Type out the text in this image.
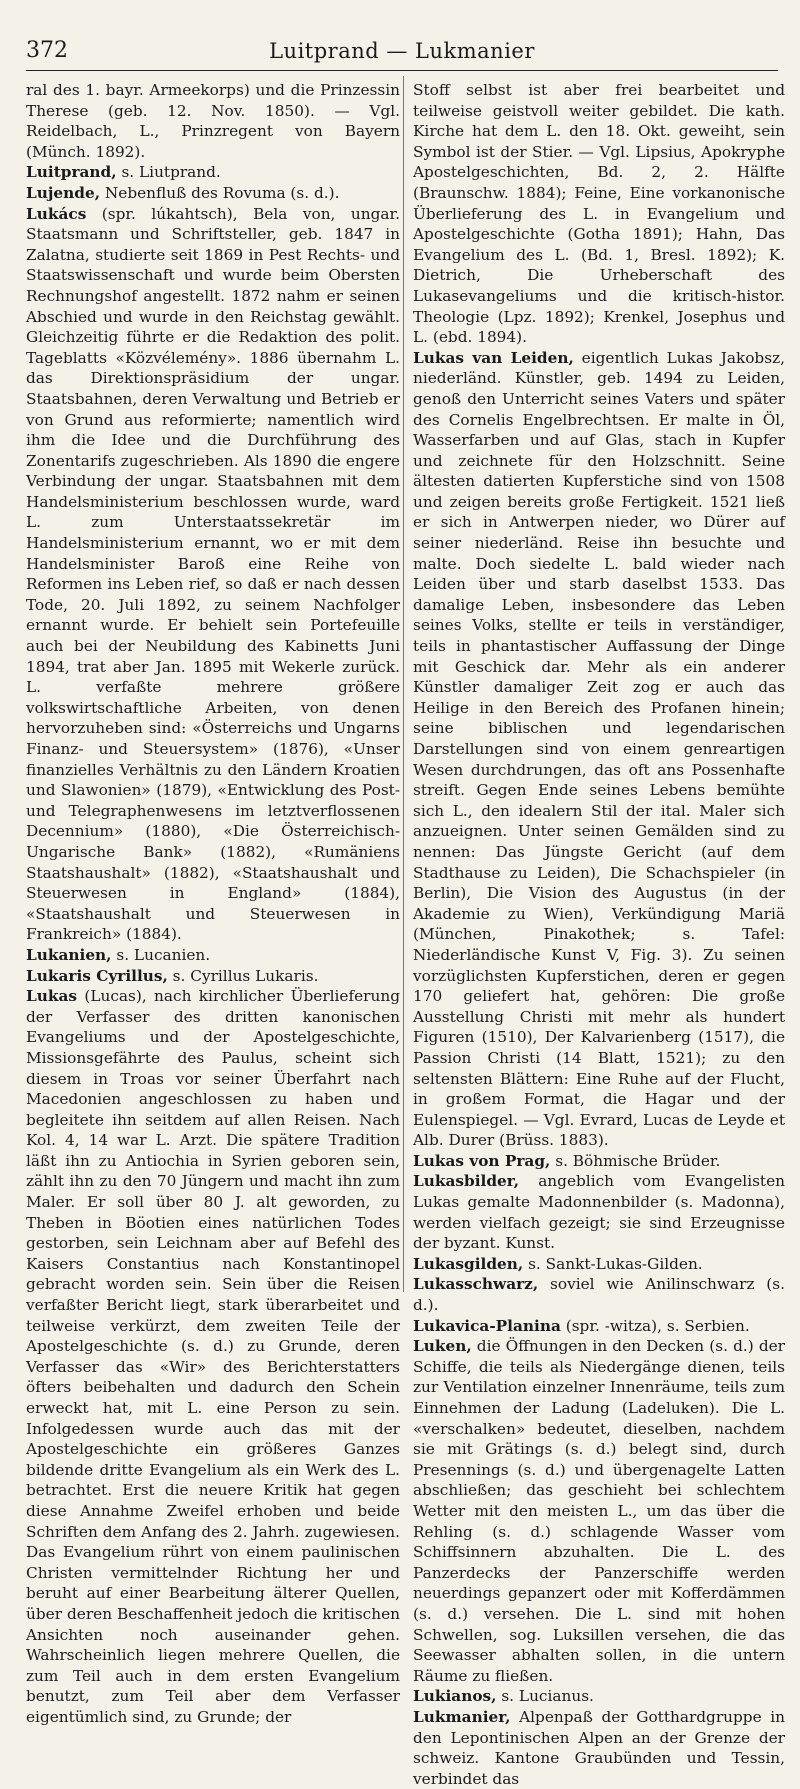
372	Luitprand — Lukmanier

ral des 1. bayr. Armeekorps) und die Prinzessin Therese (geb. 12. Nov. 1850). — Vgl. Reidelbach, L., Prinzregent von Bayern (Münch. 1892).

Luitprand, s. Liutprand.

Lujende, Nebenfluß des Rovuma (s. d.).

Lukács (spr. lúkahtsch), Bela von, ungar. Staatsmann und Schriftsteller, geb. 1847 in Zalatna, studierte seit 1869 in Pest Rechts- und Staatswissenschaft und wurde beim Obersten Rechnungshof angestellt. 1872 nahm er seinen Abschied und wurde in den Reichstag gewählt. Gleichzeitig führte er die Redaktion des polit. Tageblatts «Közvélemény». 1886 übernahm L. das Direktionspräsidium der ungar. Staatsbahnen, deren Verwaltung und Betrieb er von Grund aus reformierte; namentlich wird ihm die Idee und die Durchführung des Zonentarifs zugeschrieben. Als 1890 die engere Verbindung der ungar. Staatsbahnen mit dem Handelsministerium beschlossen wurde, ward L. zum Unterstaatssekretär im Handelsministerium ernannt, wo er mit dem Handelsminister Baroß eine Reihe von Reformen ins Leben rief, so daß er nach dessen Tode, 20. Juli 1892, zu seinem Nachfolger ernannt wurde. Er behielt sein Portefeuille auch bei der Neubildung des Kabinetts Juni 1894, trat aber Jan. 1895 mit Wekerle zurück. L. verfaßte mehrere größere volkswirtschaftliche Arbeiten, von denen hervorzuheben sind: «Österreichs und Ungarns Finanz- und Steuersystem» (1876), «Unser finanzielles Verhältnis zu den Ländern Kroatien und Slawonien» (1879), «Entwicklung des Post- und Telegraphenwesens im letztverflossenen Decennium» (1880), «Die Österreichisch-Ungarische Bank» (1882), «Rumäniens Staatshaushalt» (1882), «Staatshaushalt und Steuerwesen in England» (1884), «Staatshaushalt und Steuerwesen in Frankreich» (1884).

Lukanien, s. Lucanien.

Lukaris Cyrillus, s. Cyrillus Lukaris.

Lukas (Lucas), nach kirchlicher Überlieferung der Verfasser des dritten kanonischen Evangeliums und der Apostelgeschichte, Missionsgefährte des Paulus, scheint sich diesem in Troas vor seiner Überfahrt nach Macedonien angeschlossen zu haben und begleitete ihn seitdem auf allen Reisen. Nach Kol. 4, 14 war L. Arzt. Die spätere Tradition läßt ihn zu Antiochia in Syrien geboren sein, zählt ihn zu den 70 Jüngern und macht ihn zum Maler. Er soll über 80 J. alt geworden, zu Theben in Böotien eines natürlichen Todes gestorben, sein Leichnam aber auf Befehl des Kaisers Constantius nach Konstantinopel gebracht worden sein. Sein über die Reisen verfaßter Bericht liegt, stark überarbeitet und teilweise verkürzt, dem zweiten Teile der Apostelgeschichte (s. d.) zu Grunde, deren Verfasser das «Wir» des Berichterstatters öfters beibehalten und dadurch den Schein erweckt hat, mit L. eine Person zu sein. Infolgedessen wurde auch das mit der Apostelgeschichte ein größeres Ganzes bildende dritte Evangelium als ein Werk des L. betrachtet. Erst die neuere Kritik hat gegen diese Annahme Zweifel erhoben und beide Schriften dem Anfang des 2. Jahrh. zugewiesen. Das Evangelium rührt von einem paulinischen Christen vermittelnder Richtung her und beruht auf einer Bearbeitung älterer Quellen, über deren Beschaffenheit jedoch die kritischen Ansichten noch auseinander gehen. Wahrscheinlich liegen mehrere Quellen, die zum Teil auch in dem ersten Evangelium benutzt, zum Teil aber dem Verfasser eigentümlich sind, zu Grunde; der

Stoff selbst ist aber frei bearbeitet und teilweise geistvoll weiter gebildet. Die kath. Kirche hat dem L. den 18. Okt. geweiht, sein Symbol ist der Stier. — Vgl. Lipsius, Apokryphe Apostelgeschichten, Bd. 2, 2. Hälfte (Braunschw. 1884); Feine, Eine vorkanonische Überlieferung des L. in Evangelium und Apostelgeschichte (Gotha 1891); Hahn, Das Evangelium des L. (Bd. 1, Bresl. 1892); K. Dietrich, Die Urheberschaft des Lukasevangeliums und die kritisch-histor. Theologie (Lpz. 1892); Krenkel, Josephus und L. (ebd. 1894).

Lukas van Leiden, eigentlich Lukas Jakobsz, niederländ. Künstler, geb. 1494 zu Leiden, genoß den Unterricht seines Vaters und später des Cornelis Engelbrechtsen. Er malte in Öl, Wasserfarben und auf Glas, stach in Kupfer und zeichnete für den Holzschnitt. Seine ältesten datierten Kupferstiche sind von 1508 und zeigen bereits große Fertigkeit. 1521 ließ er sich in Antwerpen nieder, wo Dürer auf seiner niederländ. Reise ihn besuchte und malte. Doch siedelte L. bald wieder nach Leiden über und starb daselbst 1533. Das damalige Leben, insbesondere das Leben seines Volks, stellte er teils in verständiger, teils in phantastischer Auffassung der Dinge mit Geschick dar. Mehr als ein anderer Künstler damaliger Zeit zog er auch das Heilige in den Bereich des Profanen hinein; seine biblischen und legendarischen Darstellungen sind von einem genreartigen Wesen durchdrungen, das oft ans Possenhafte streift. Gegen Ende seines Lebens bemühte sich L., den idealern Stil der ital. Maler sich anzueignen. Unter seinen Gemälden sind zu nennen: Das Jüngste Gericht (auf dem Stadthause zu Leiden), Die Schachspieler (in Berlin), Die Vision des Augustus (in der Akademie zu Wien), Verkündigung Mariä (München, Pinakothek; s. Tafel: Niederländische Kunst V, Fig. 3). Zu seinen vorzüglichsten Kupferstichen, deren er gegen 170 geliefert hat, gehören: Die große Ausstellung Christi mit mehr als hundert Figuren (1510), Der Kalvarienberg (1517), die Passion Christi (14 Blatt, 1521); zu den seltensten Blättern: Eine Ruhe auf der Flucht, in großem Format, die Hagar und der Eulenspiegel. — Vgl. Evrard, Lucas de Leyde et Alb. Durer (Brüss. 1883).

Lukas von Prag, s. Böhmische Brüder.

Lukasbilder, angeblich vom Evangelisten Lukas gemalte Madonnenbilder (s. Madonna), werden vielfach gezeigt; sie sind Erzeugnisse der byzant. Kunst.

Lukasgilden, s. Sankt-Lukas-Gilden.

Lukasschwarz, soviel wie Anilinschwarz (s. d.).

Lukavica-Planina (spr. -witza), s. Serbien.

Luken, die Öffnungen in den Decken (s. d.) der Schiffe, die teils als Niedergänge dienen, teils zur Ventilation einzelner Innenräume, teils zum Einnehmen der Ladung (Ladeluken). Die L. «verschalken» bedeutet, dieselben, nachdem sie mit Grätings (s. d.) belegt sind, durch Presennings (s. d.) und übergenagelte Latten abschließen; das geschieht bei schlechtem Wetter mit den meisten L., um das über die Rehling (s. d.) schlagende Wasser vom Schiffsinnern abzuhalten. Die L. des Panzerdecks der Panzerschiffe werden neuerdings gepanzert oder mit Kofferdämmen (s. d.) versehen. Die L. sind mit hohen Schwellen, sog. Luksillen versehen, die das Seewasser abhalten sollen, in die untern Räume zu fließen.

Lukianos, s. Lucianus.

Lukmanier, Alpenpaß der Gotthardgruppe in den Lepontinischen Alpen an der Grenze der schweiz. Kantone Graubünden und Tessin, verbindet das
